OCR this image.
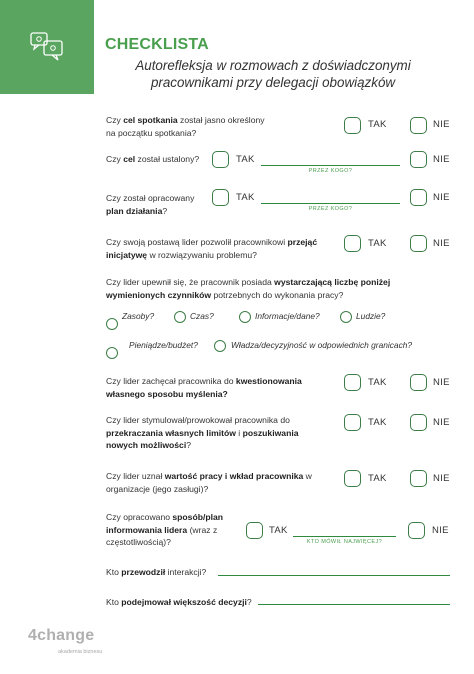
CHECKLISTA
Autorefleksja w rozmowach z doświadczonymi pracownikami przy delegacji obowiązków
Czy cel spotkania został jasno określony na początku spotkania?
TAK	NIE
Czy cel został ustalony?	TAK
PRZEZ KOGO?
NIE
Czy został opracowany plan działania?
TAK
PRZEZ KOGO?
NIE
Czy swoją postawą lider pozwolił pracownikowi przejąć inicjatywę w rozwiązywaniu problemu?
TAK	NIE
Czy lider upewnił się, że pracownik posiada wystarczającą liczbę poniżej wymienionych czynników potrzebnych do wykonania pracy?
Zasoby?	Czas?	Informacje/dane?	Ludzie?
Pieniądze/budżet?	Władza/decyzyjność w odpowiednich granicach?
Czy lider zachęcał pracownika do kwestionowania własnego sposobu myślenia?
TAK	NIE
Czy lider stymulował/prowokował pracownika do przekraczania własnych limitów i poszukiwania nowych możliwości?
TAK	NIE
Czy lider uznał wartość pracy i wkład pracownika w organizacje (jego zasługi)?
TAK	NIE
Czy opracowano sposób/plan informowania lidera (wraz z częstotliwością)?
TAK
KTO MÓWIŁ NAJWIĘCEJ?
NIE
Kto przewodził interakcji?
Kto podejmował większość decyzji?
4change
akademia biznesu
